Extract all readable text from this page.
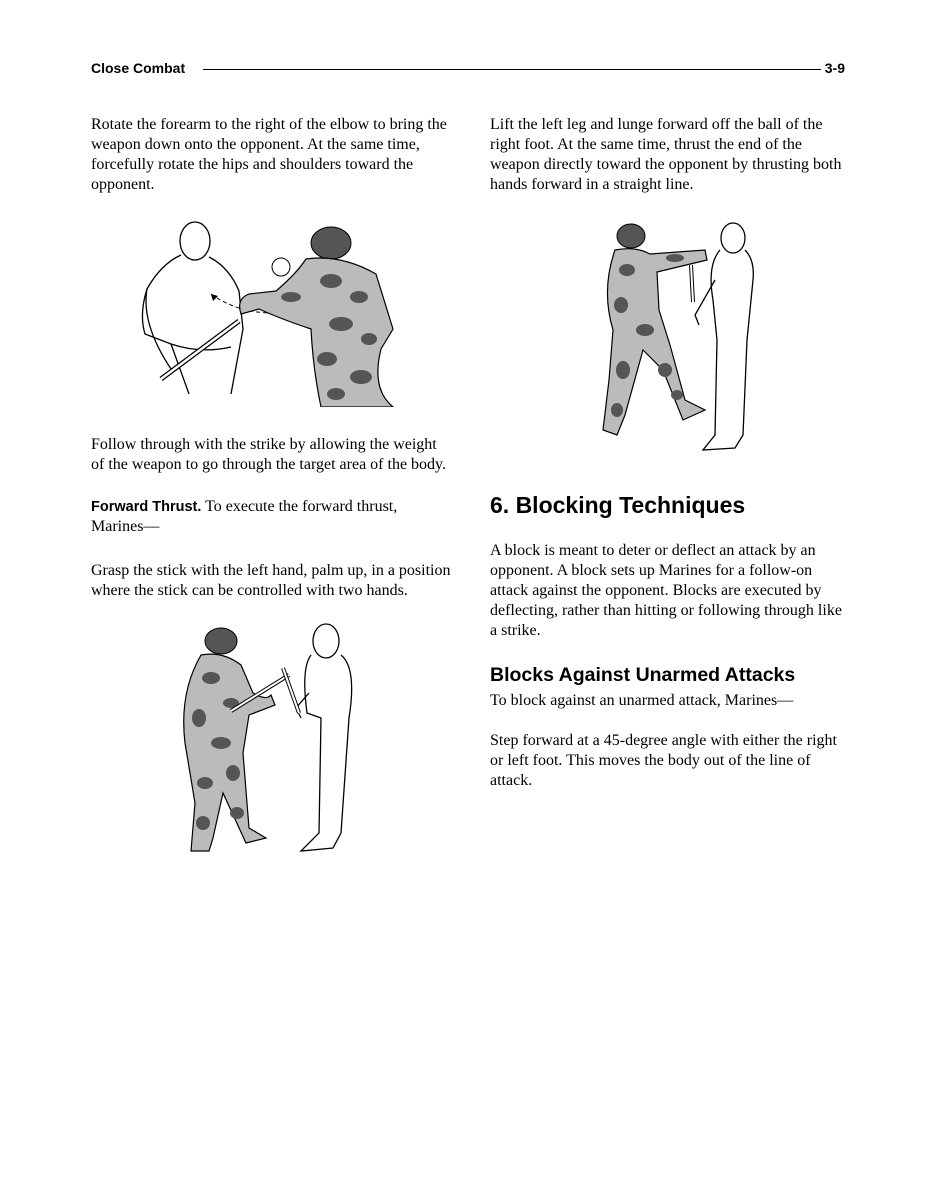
Close Combat	3-9

Rotate the forearm to the right of the elbow to bring the weapon down onto the opponent. At the same time, forcefully rotate the hips and shoulders toward the opponent.

Follow through with the strike by allowing the weight of the weapon to go through the target area of the body.

Forward Thrust. To execute the forward thrust, Marines—

Grasp the stick with the left hand, palm up, in a position where the stick can be controlled with two hands.

Lift the left leg and lunge forward off the ball of the right foot. At the same time, thrust the end of the weapon directly toward the opponent by thrusting both hands forward in a straight line.

6. Blocking Techniques

A block is meant to deter or deflect an attack by an opponent. A block sets up Marines for a follow-on attack against the opponent. Blocks are executed by deflecting, rather than hitting or following through like a strike.

Blocks Against Unarmed Attacks

To block against an unarmed attack, Marines—

Step forward at a 45-degree angle with either the right or left foot. This moves the body out of the line of attack.
